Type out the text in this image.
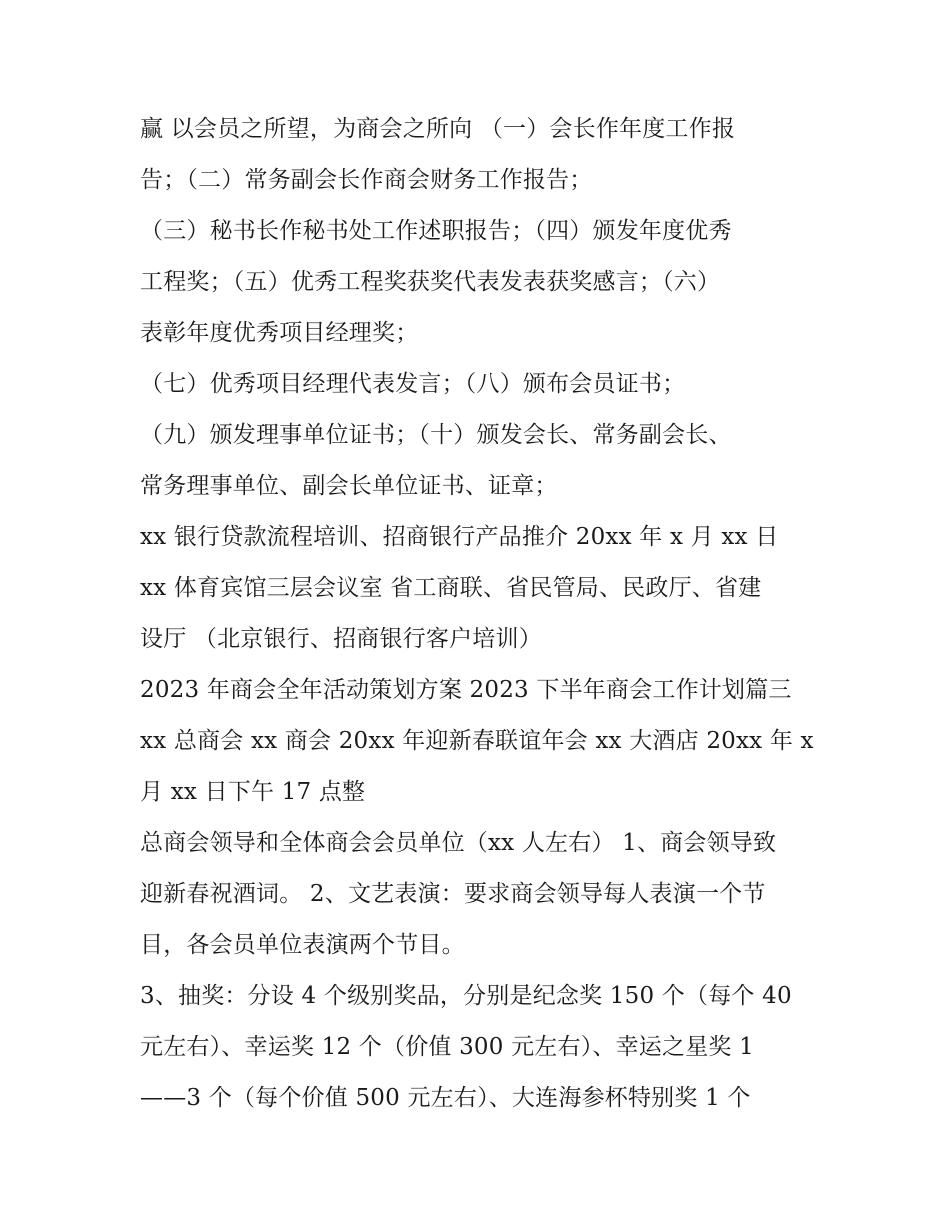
赢 以会员之所望，为商会之所向 （一）会长作年度工作报
告；（二）常务副会长作商会财务工作报告；
（三）秘书长作秘书处工作述职报告；（四）颁发年度优秀
工程奖；（五）优秀工程奖获奖代表发表获奖感言；（六）
表彰年度优秀项目经理奖；
（七）优秀项目经理代表发言；（八）颁布会员证书；
（九）颁发理事单位证书；（十）颁发会长、常务副会长、
常务理事单位、副会长单位证书、证章；
xx 银行贷款流程培训、招商银行产品推介 20xx 年 x 月 xx 日
xx 体育宾馆三层会议室 省工商联、省民管局、民政厅、省建
设厅 （北京银行、招商银行客户培训）
2023 年商会全年活动策划方案 2023 下半年商会工作计划篇三
xx 总商会 xx 商会 20xx 年迎新春联谊年会 xx 大酒店 20xx 年 x
月 xx 日下午 17 点整
总商会领导和全体商会会员单位（xx 人左右） 1、商会领导致
迎新春祝酒词。 2、文艺表演：要求商会领导每人表演一个节
目，各会员单位表演两个节目。
3、抽奖：分设 4 个级别奖品，分别是纪念奖 150 个（每个 40
元左右）、幸运奖 12 个（价值 300 元左右）、幸运之星奖 1
——3 个（每个价值 500 元左右）、大连海参杯特别奖 1 个
